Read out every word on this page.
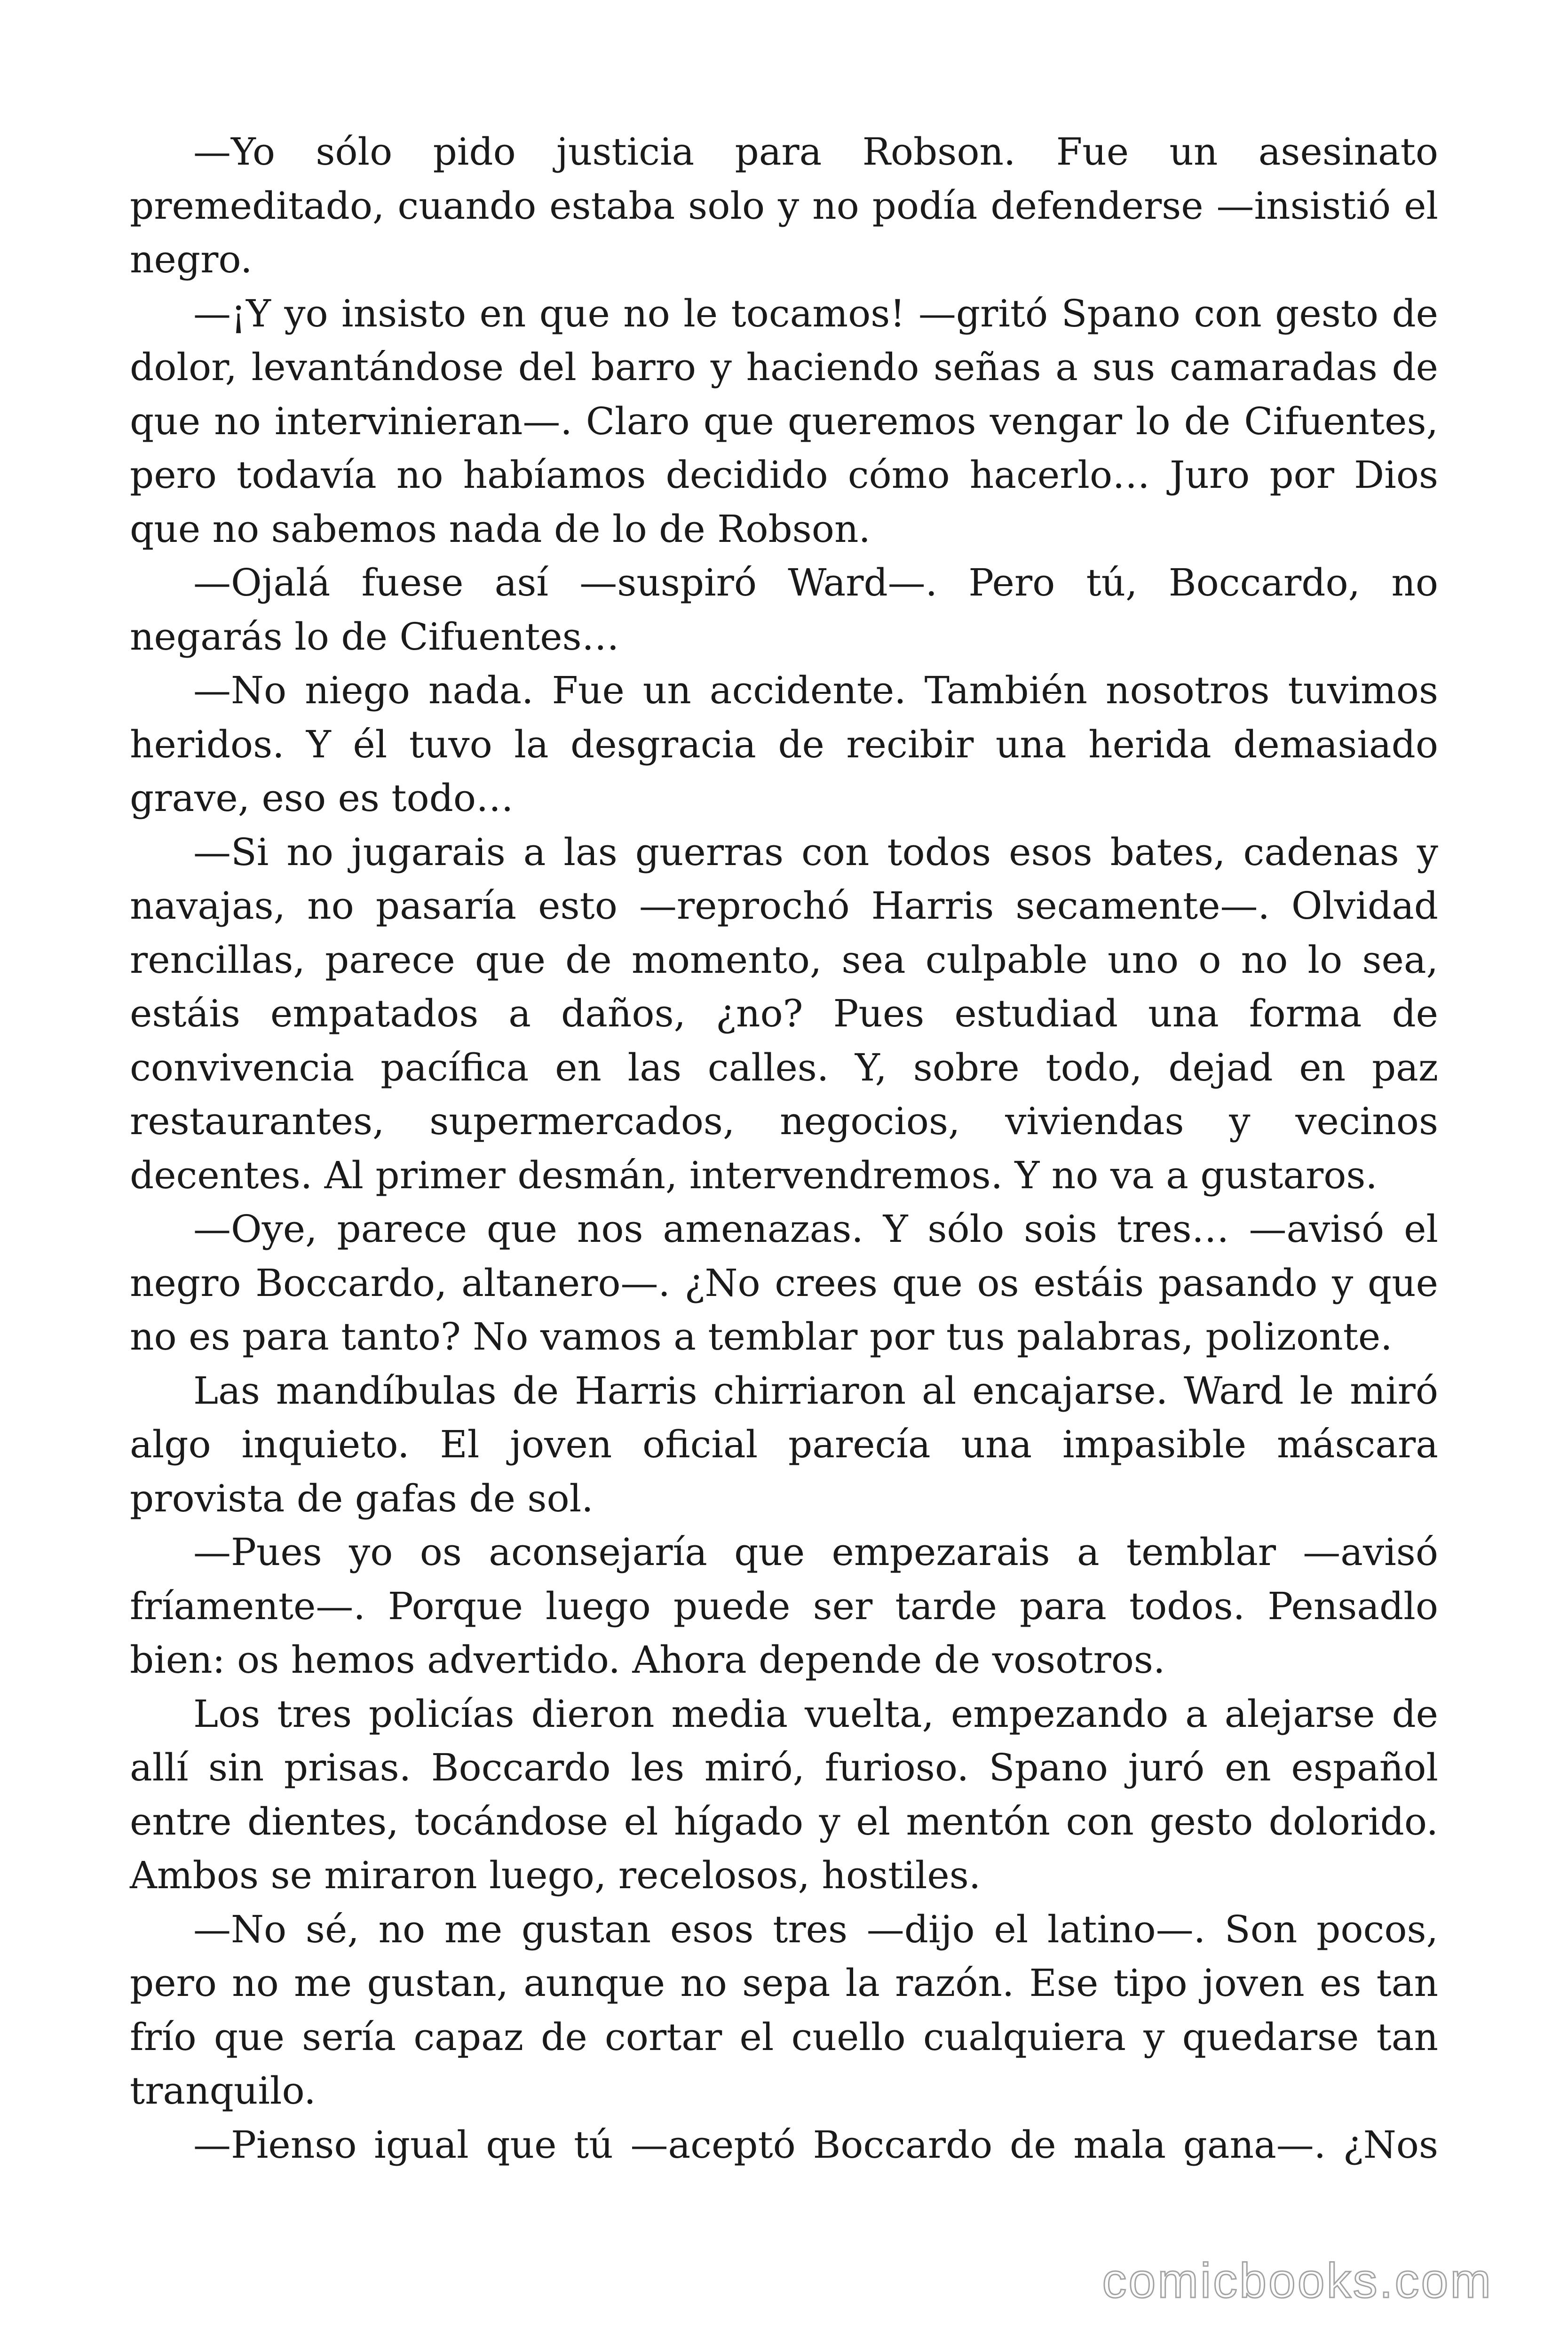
—Yo sólo pido justicia para Robson. Fue un asesinato premeditado, cuando estaba solo y no podía defenderse —insistió el negro.

—¡Y yo insisto en que no le tocamos! —gritó Spano con gesto de dolor, levantándose del barro y haciendo señas a sus camaradas de que no intervinieran—. Claro que queremos vengar lo de Cifuentes, pero todavía no habíamos decidido cómo hacerlo… Juro por Dios que no sabemos nada de lo de Robson.

—Ojalá fuese así —suspiró Ward—. Pero tú, Boccardo, no negarás lo de Cifuentes…

—No niego nada. Fue un accidente. También nosotros tuvimos heridos. Y él tuvo la desgracia de recibir una herida demasiado grave, eso es todo…

—Si no jugarais a las guerras con todos esos bates, cadenas y navajas, no pasaría esto —reprochó Harris secamente—. Olvidad rencillas, parece que de momento, sea culpable uno o no lo sea, estáis empatados a daños, ¿no? Pues estudiad una forma de convivencia pacífica en las calles. Y, sobre todo, dejad en paz restaurantes, supermercados, negocios, viviendas y vecinos decentes. Al primer desmán, intervendremos. Y no va a gustaros.

—Oye, parece que nos amenazas. Y sólo sois tres… —avisó el negro Boccardo, altanero—. ¿No crees que os estáis pasando y que no es para tanto? No vamos a temblar por tus palabras, polizonte.

Las mandíbulas de Harris chirriaron al encajarse. Ward le miró algo inquieto. El joven oficial parecía una impasible máscara provista de gafas de sol.

—Pues yo os aconsejaría que empezarais a temblar —avisó fríamente—. Porque luego puede ser tarde para todos. Pensadlo bien: os hemos advertido. Ahora depende de vosotros.

Los tres policías dieron media vuelta, empezando a alejarse de allí sin prisas. Boccardo les miró, furioso. Spano juró en español entre dientes, tocándose el hígado y el mentón con gesto dolorido. Ambos se miraron luego, recelosos, hostiles.

—No sé, no me gustan esos tres —dijo el latino—. Son pocos, pero no me gustan, aunque no sepa la razón. Ese tipo joven es tan frío que sería capaz de cortar el cuello cualquiera y quedarse tan tranquilo.

—Pienso igual que tú —aceptó Boccardo de mala gana—. ¿Nos

comicbooks.com
